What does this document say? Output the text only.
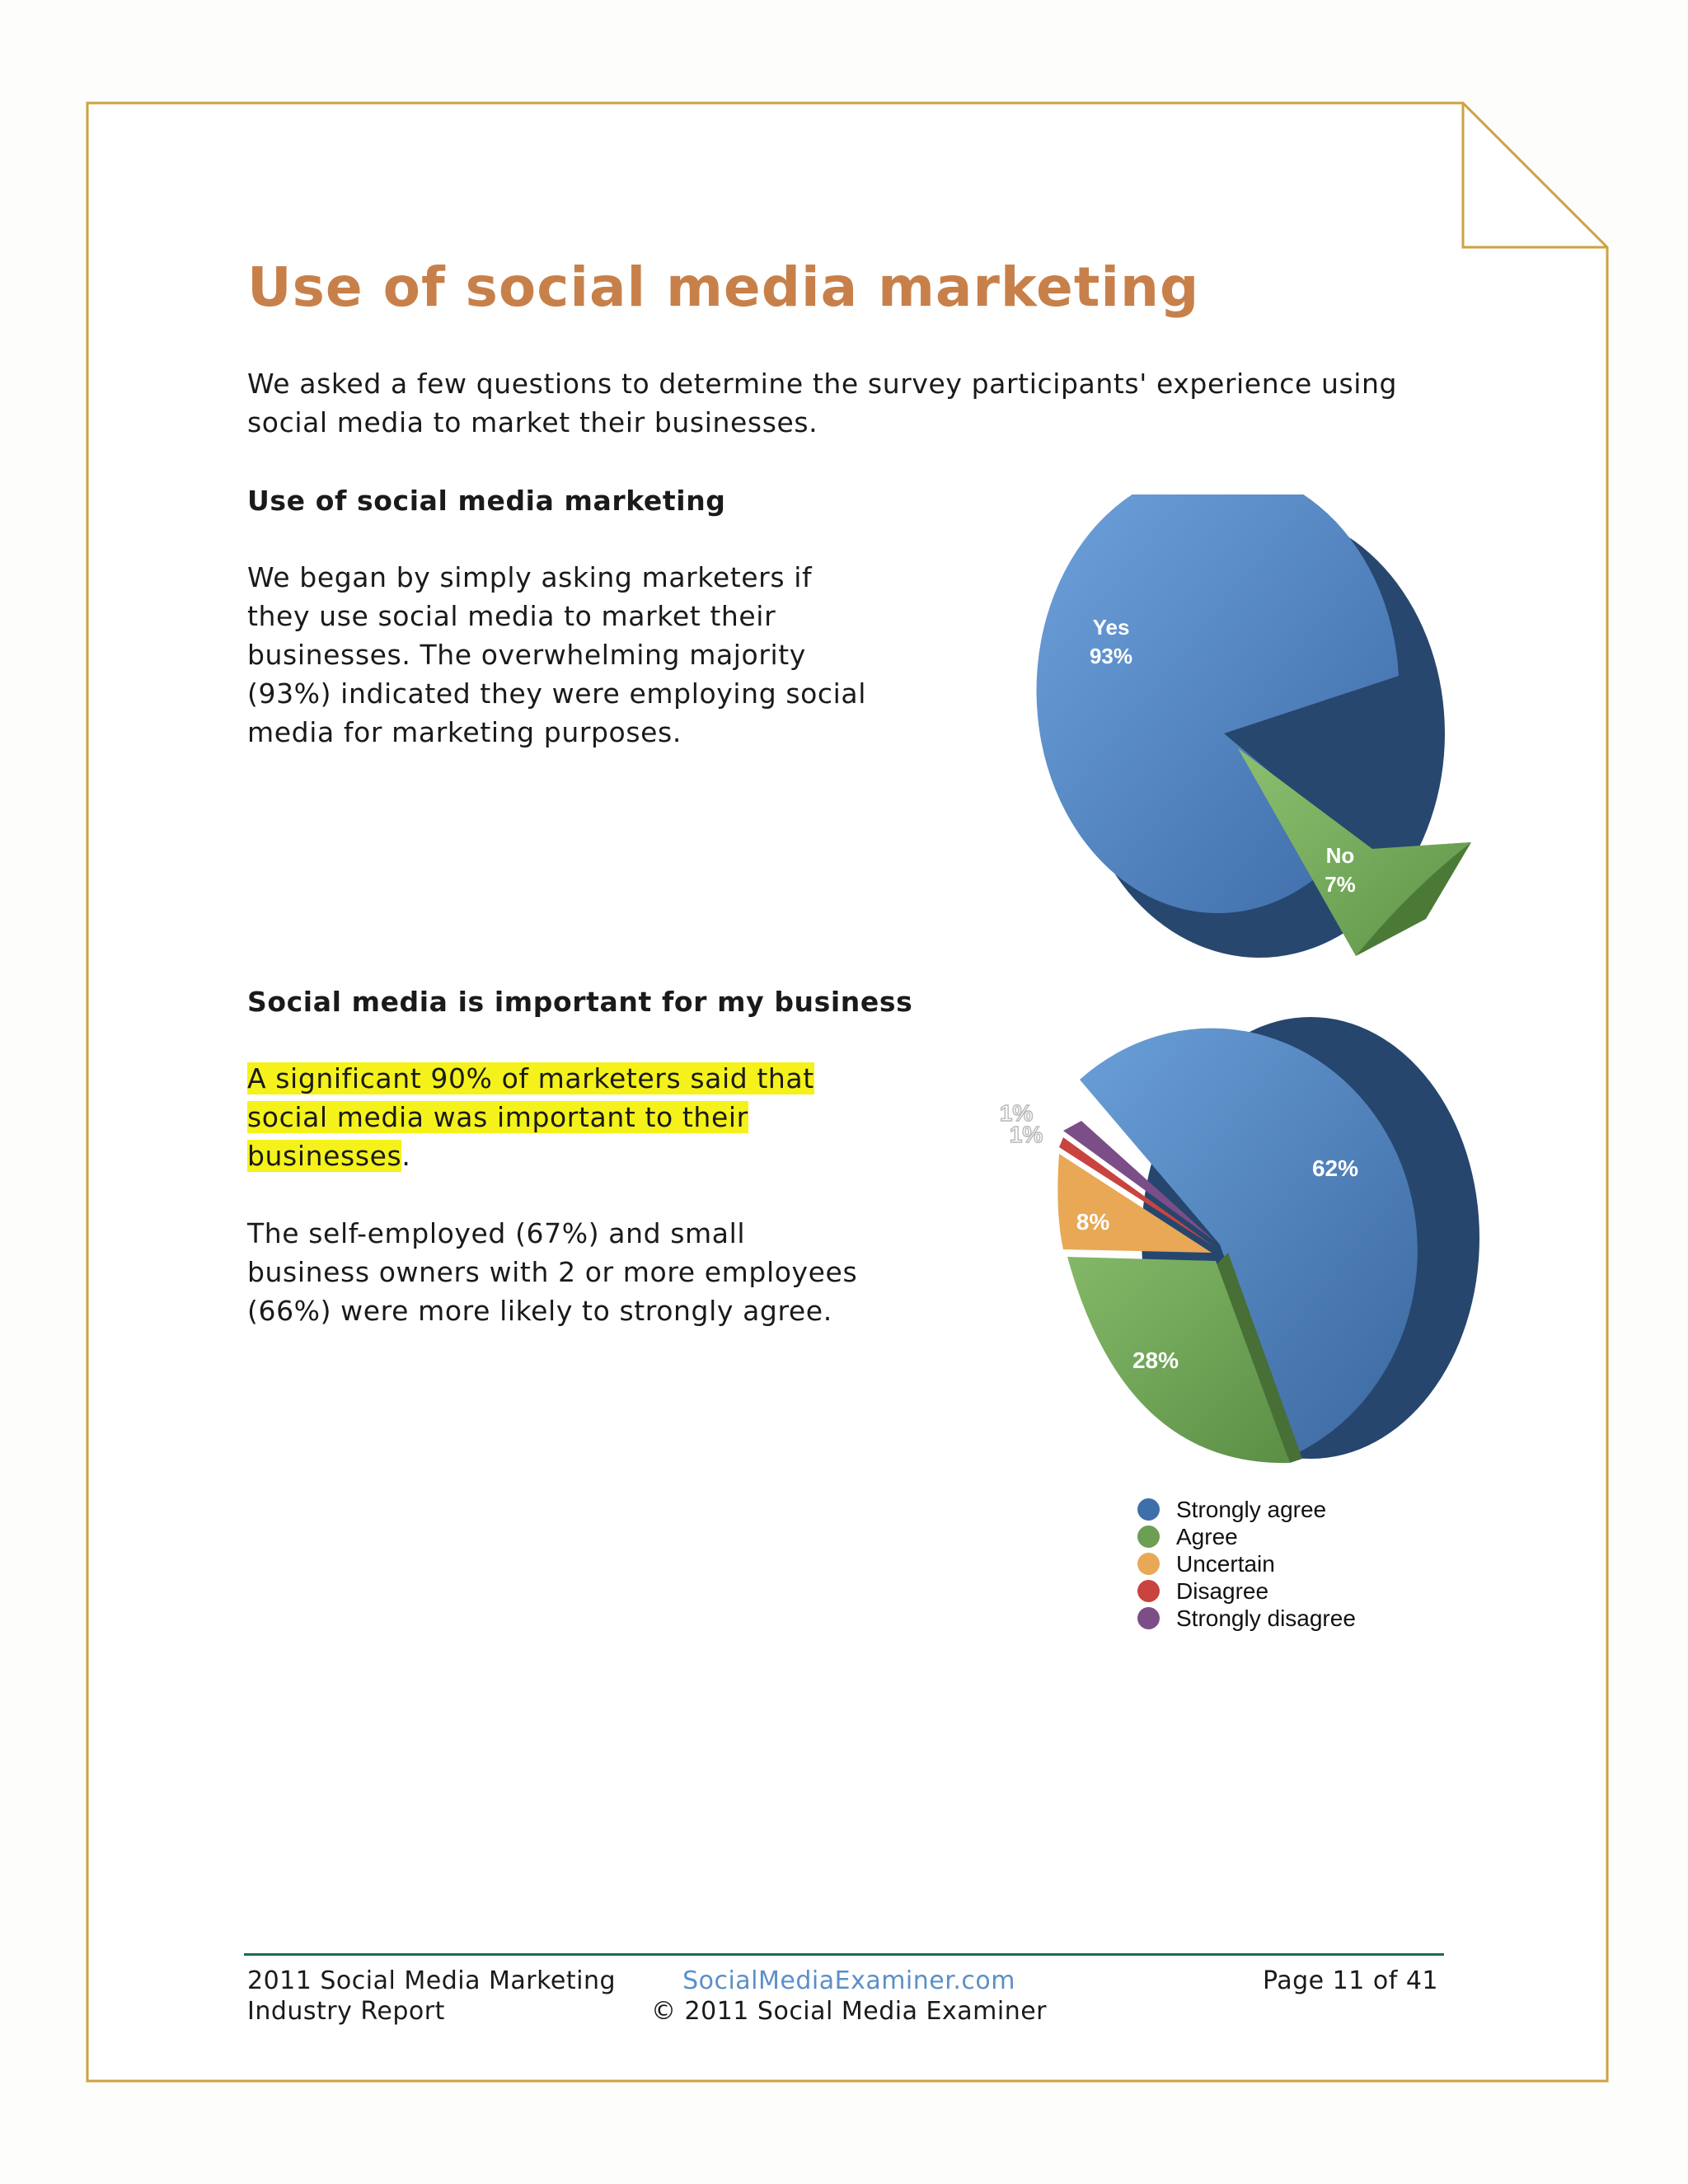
Use of social media marketing

We asked a few questions to determine the survey participants' experience using social media to market their businesses.

Use of social media marketing

We began by simply asking marketers if they use social media to market their businesses. The overwhelming majority (93%) indicated they were employing social media for marketing purposes.

Social media is important for my business

A significant 90% of marketers said that
social media was important to their
businesses.

The self-employed (67%) and small business owners with 2 or more employees (66%) were more likely to strongly agree.

Yes
93%
No
7%
62%
28%
8%
1%
1%
Strongly agree
Agree
Uncertain
Disagree
Strongly disagree
2011 Social Media Marketing
Industry Report
SocialMediaExaminer.com
© 2011 Social Media Examiner
Page 11 of 41
